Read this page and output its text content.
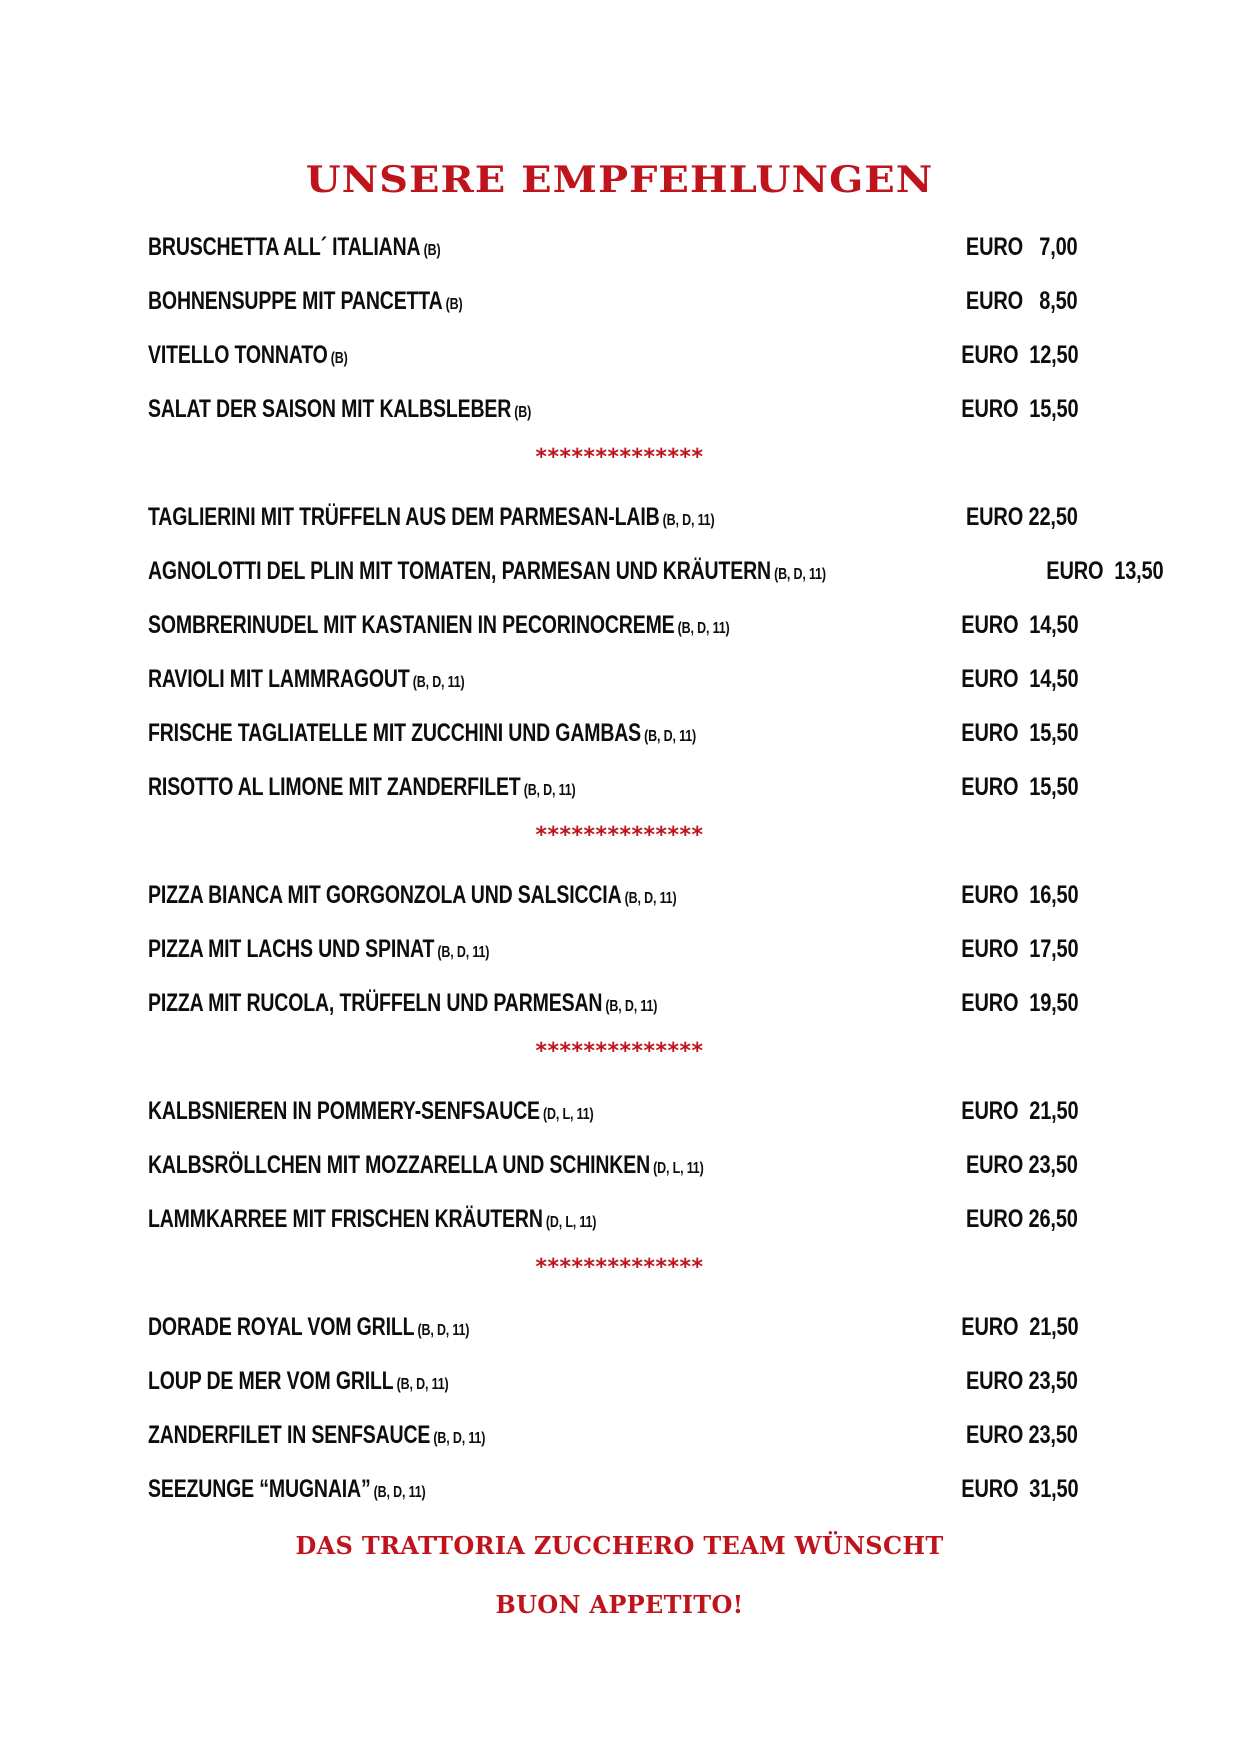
UNSERE EMPFEHLUNGEN
BRUSCHETTA ALL´ ITALIANA (B)	EURO   7,00
BOHNENSUPPE MIT PANCETTA (B)	EURO   8,50
VITELLO TONNATO (B)	EURO  12,50
SALAT DER SAISON MIT KALBSLEBER (B)	EURO  15,50
**************
TAGLIERINI MIT TRÜFFELN AUS DEM PARMESAN-LAIB (B, D, 11)	EURO 22,50
AGNOLOTTI DEL PLIN MIT TOMATEN, PARMESAN UND KRÄUTERN (B, D, 11)	EURO  13,50
SOMBRERINUDEL MIT KASTANIEN IN PECORINOCREME (B, D, 11)	EURO  14,50
RAVIOLI MIT LAMMRAGOUT (B, D, 11)	EURO  14,50
FRISCHE TAGLIATELLE MIT ZUCCHINI UND GAMBAS (B, D, 11)	EURO  15,50
RISOTTO AL LIMONE MIT ZANDERFILET (B, D, 11)	EURO  15,50
**************
PIZZA BIANCA MIT GORGONZOLA UND SALSICCIA (B, D, 11)	EURO  16,50
PIZZA MIT LACHS UND SPINAT (B, D, 11)	EURO  17,50
PIZZA MIT RUCOLA, TRÜFFELN UND PARMESAN (B, D, 11)	EURO  19,50
**************
KALBSNIEREN IN POMMERY-SENFSAUCE (D, L, 11)	EURO  21,50
KALBSRÖLLCHEN MIT MOZZARELLA UND SCHINKEN (D, L, 11)	EURO 23,50
LAMMKARREE MIT FRISCHEN KRÄUTERN (D, L, 11)	EURO 26,50
**************
DORADE ROYAL VOM GRILL (B, D, 11)	EURO  21,50
LOUP DE MER VOM GRILL (B, D, 11)	EURO 23,50
ZANDERFILET IN SENFSAUCE (B, D, 11)	EURO 23,50
SEEZUNGE “MUGNAIA” (B, D, 11)	EURO  31,50
DAS TRATTORIA ZUCCHERO TEAM WÜNSCHT
BUON APPETITO!
